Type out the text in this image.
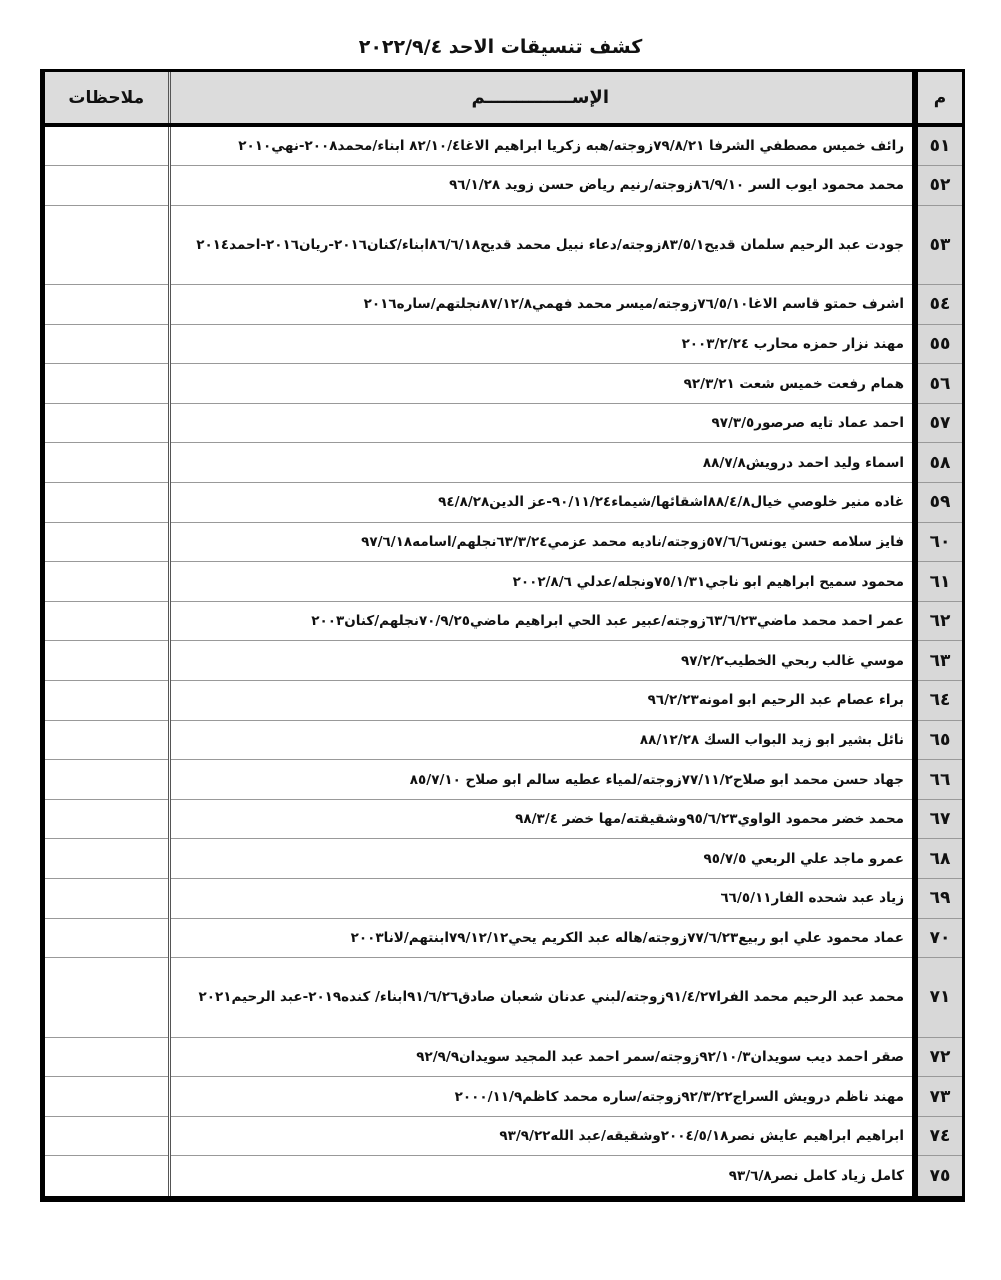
كشف تنسيقات الاحد ٢٠٢٢/٩/٤
م	الإســــــــــــــم	ملاحظات
٥١	رائف خميس مصطفي الشرفا ٧٩/٨/٢١زوجته/هبه زكريا ابراهيم الاغا٨٢/١٠/٤ ابناء/محمد٢٠٠٨-نهي٢٠١٠	
٥٢	محمد محمود ايوب السر ٨٦/٩/١٠زوجته/رنيم رياض حسن زويد ٩٦/١/٢٨	
٥٣	جودت عبد الرحيم سلمان قديح٨٣/٥/١زوجته/دعاء نبيل محمد قديح٨٦/٦/١٨ابناء/كنان٢٠١٦-ريان٢٠١٦-احمد٢٠١٤	
٥٤	اشرف حمتو قاسم الاغا٧٦/٥/١٠زوجته/ميسر محمد فهمي٨٧/١٢/٨نجلتهم/ساره٢٠١٦	
٥٥	مهند نزار حمزه محارب ٢٠٠٣/٢/٢٤	
٥٦	همام رفعت خميس شعت ٩٢/٣/٢١	
٥٧	احمد عماد تايه صرصور٩٧/٣/٥	
٥٨	اسماء وليد احمد درويش٨٨/٧/٨	
٥٩	غاده منير خلوصي خيال٨٨/٤/٨اشقائها/شيماء٩٠/١١/٢٤-عز الدين٩٤/٨/٢٨	
٦٠	فايز سلامه حسن يونس٥٧/٦/٦زوجته/ناديه محمد عزمي٦٣/٣/٢٤نجلهم/اسامه٩٧/٦/١٨	
٦١	محمود سميح ابراهيم ابو ناجي٧٥/١/٣١ونجله/عدلي ٢٠٠٢/٨/٦	
٦٢	عمر احمد محمد ماضي٦٣/٦/٢٣زوجته/عبير عبد الحي ابراهيم ماضي٧٠/٩/٢٥نجلهم/كنان٢٠٠٣	
٦٣	موسي غالب ربحي الخطيب٩٧/٢/٢	
٦٤	براء عصام عبد الرحيم ابو امونه٩٦/٢/٢٣	
٦٥	نائل بشير ابو زيد البواب السك ٨٨/١٢/٢٨	
٦٦	جهاد حسن محمد ابو صلاح٧٧/١١/٢زوجته/لمياء عطيه سالم ابو صلاح ٨٥/٧/١٠	
٦٧	محمد خضر محمود الواوي٩٥/٦/٢٣وشقيقته/مها خضر ٩٨/٣/٤	
٦٨	عمرو ماجد علي الربعي ٩٥/٧/٥	
٦٩	زياد عبد شحده الفار٦٦/٥/١١	
٧٠	عماد محمود علي ابو ربيع٧٧/٦/٢٣زوجته/هاله عبد الكريم يحي٧٩/١٢/١٢ابنتهم/لانا٢٠٠٣	
٧١	محمد عبد الرحيم محمد الفرا٩١/٤/٢٧زوجته/لبني عدنان شعبان صادق٩١/٦/٢٦ابناء/ كنده٢٠١٩-عبد الرحيم٢٠٢١	
٧٢	صقر احمد ديب سويدان٩٢/١٠/٣زوجته/سمر احمد عبد المجيد سويدان٩٢/٩/٩	
٧٣	مهند ناظم درويش السراج٩٢/٣/٢٢زوجته/ساره محمد كاظم٢٠٠٠/١١/٩	
٧٤	ابراهيم ابراهيم عايش نصر٢٠٠٤/٥/١٨وشقيقه/عبد الله٩٣/٩/٢٢	
٧٥	كامل زياد كامل نصر٩٣/٦/٨	
